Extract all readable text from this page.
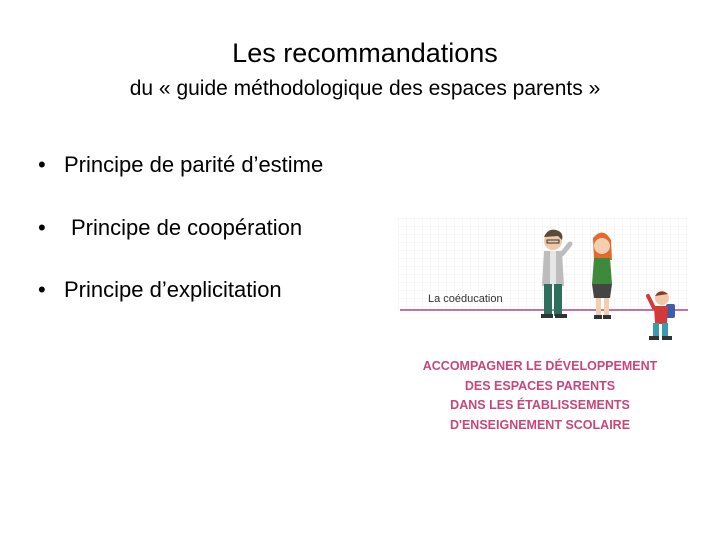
Les recommandations
du « guide méthodologique des espaces parents »
• Principe de parité d’estime
• Principe de coopération
• Principe d’explicitation	La coéducation
ACCOMPAGNER LE DÉVELOPPEMENT
DES ESPACES PARENTS
DANS LES ÉTABLISSEMENTS
D'ENSEIGNEMENT SCOLAIRE
